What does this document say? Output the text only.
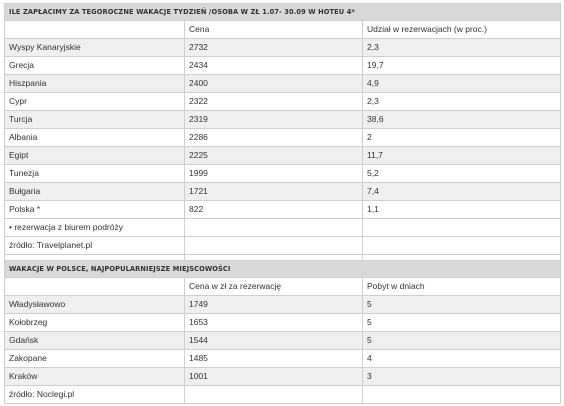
ILE ZAPŁACIMY ZA TEGOROCZNE WAKACJE TYDZIEŃ /OSOBA W ZŁ 1.07- 30.09 W HOTEU 4*		
	Cena	Udział w rezerwacjach (w proc.)
Wyspy Kanaryjskie	2732	2,3
Grecja	2434	19,7
Hiszpania	2400	4,9
Cypr	2322	2,3
Turcja	2319	38,6
Albania	2286	2
Egipt	2225	11,7
Tunezja	1999	5,2
Bułgaria	1721	7,4
Polska *	822	1,1
• rezerwacja z biurem podróży		
źródło: Travelplanet.pl		

WAKACJE W POLSCE, NAJPOPULARNIEJSZE MIEJSCOWOŚCI		
	Cena w zł za rezerwację	Pobyt w dniach
Władysławowo	1749	5
Kołobrzeg	1653	5
Gdańsk	1544	5
Zakopane	1485	4
Kraków	1001	3
źródło: Noclegi.pl		
